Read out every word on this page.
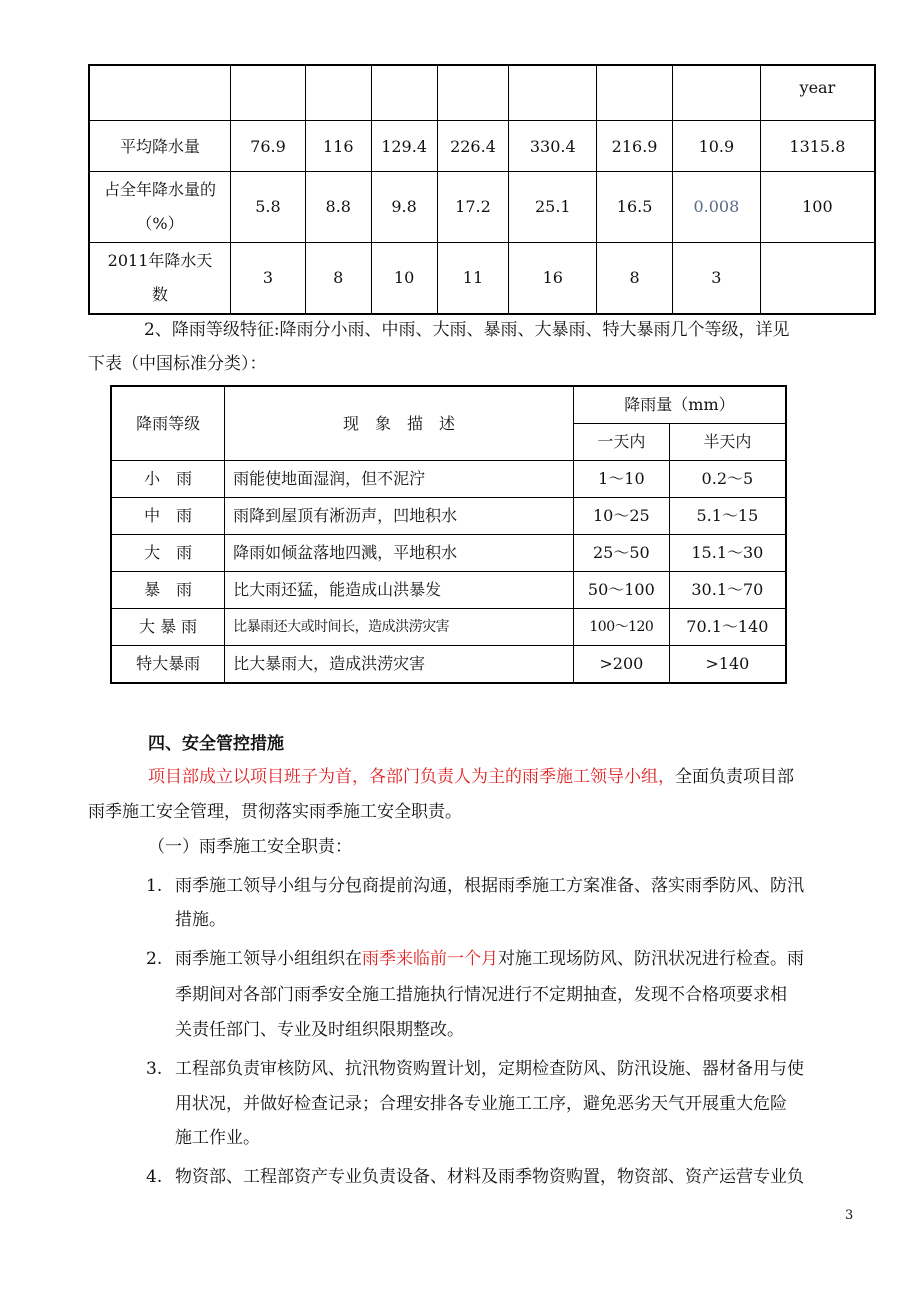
								year
平均降水量	76.9	116	129.4	226.4	330.4	216.9	10.9	1315.8
占全年降水量的（%）	5.8	8.8	9.8	17.2	25.1	16.5	0.008	100
2011年降水天数	3	8	10	11	16	8	3	
2、降雨等级特征:降雨分小雨、中雨、大雨、暴雨、大暴雨、特大暴雨几个等级，详见
下表（中国标准分类）：
降雨等级	现　象　描　述	降雨量（mm）	
		一天内	半天内
小　雨	雨能使地面湿润，但不泥泞	1～10	0.2～5
中　雨	雨降到屋顶有淅沥声，凹地积水	10～25	5.1～15
大　雨	降雨如倾盆落地四溅，平地积水	25～50	15.1～30
暴　雨	比大雨还猛，能造成山洪暴发	50～100	30.1～70
大 暴 雨	比暴雨还大或时间长，造成洪涝灾害	100～120	70.1～140
特大暴雨	比大暴雨大，造成洪涝灾害	>200	>140
四、安全管控措施
项目部成立以项目班子为首，各部门负责人为主的雨季施工领导小组，全面负责项目部
雨季施工安全管理，贯彻落实雨季施工安全职责。
（一）雨季施工安全职责：
1. 雨季施工领导小组与分包商提前沟通，根据雨季施工方案准备、落实雨季防风、防汛
措施。
2. 雨季施工领导小组组织在雨季来临前一个月对施工现场防风、防汛状况进行检查。雨
季期间对各部门雨季安全施工措施执行情况进行不定期抽查，发现不合格项要求相
关责任部门、专业及时组织限期整改。
3. 工程部负责审核防风、抗汛物资购置计划，定期检查防风、防汛设施、器材备用与使
用状况，并做好检查记录；合理安排各专业施工工序，避免恶劣天气开展重大危险
施工作业。
4. 物资部、工程部资产专业负责设备、材料及雨季物资购置，物资部、资产运营专业负
3
